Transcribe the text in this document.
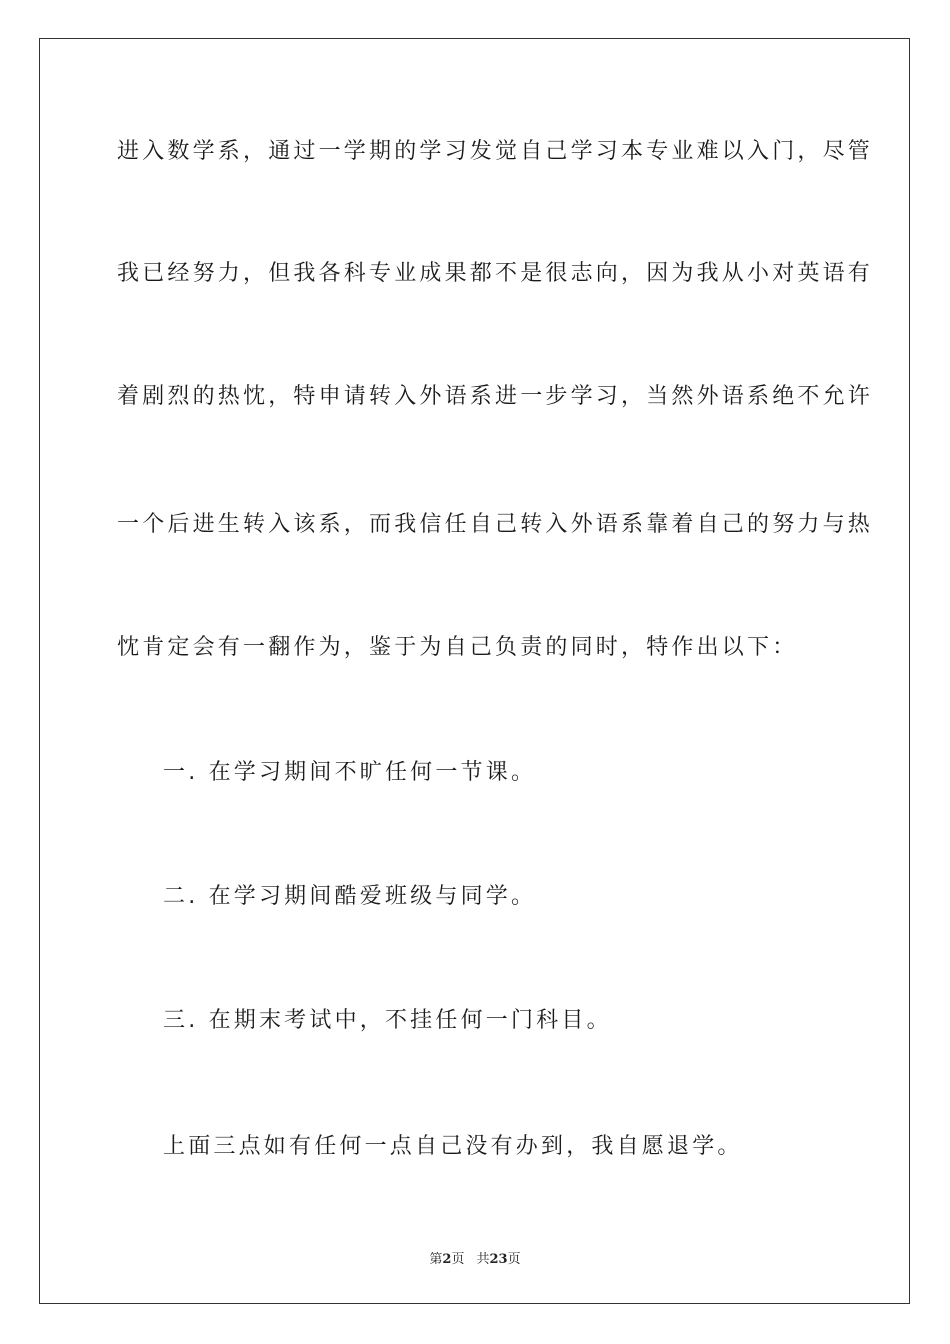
进入数学系，通过一学期的学习发觉自己学习本专业难以入门，尽管
我已经努力，但我各科专业成果都不是很志向，因为我从小对英语有
着剧烈的热忱，特申请转入外语系进一步学习，当然外语系绝不允许
一个后进生转入该系，而我信任自己转入外语系靠着自己的努力与热
忱肯定会有一翻作为，鉴于为自己负责的同时，特作出以下：
一. 在学习期间不旷任何一节课。
二. 在学习期间酷爱班级与同学。
三. 在期末考试中，不挂任何一门科目。
上面三点如有任何一点自己没有办到，我自愿退学。
第2页 共23页
